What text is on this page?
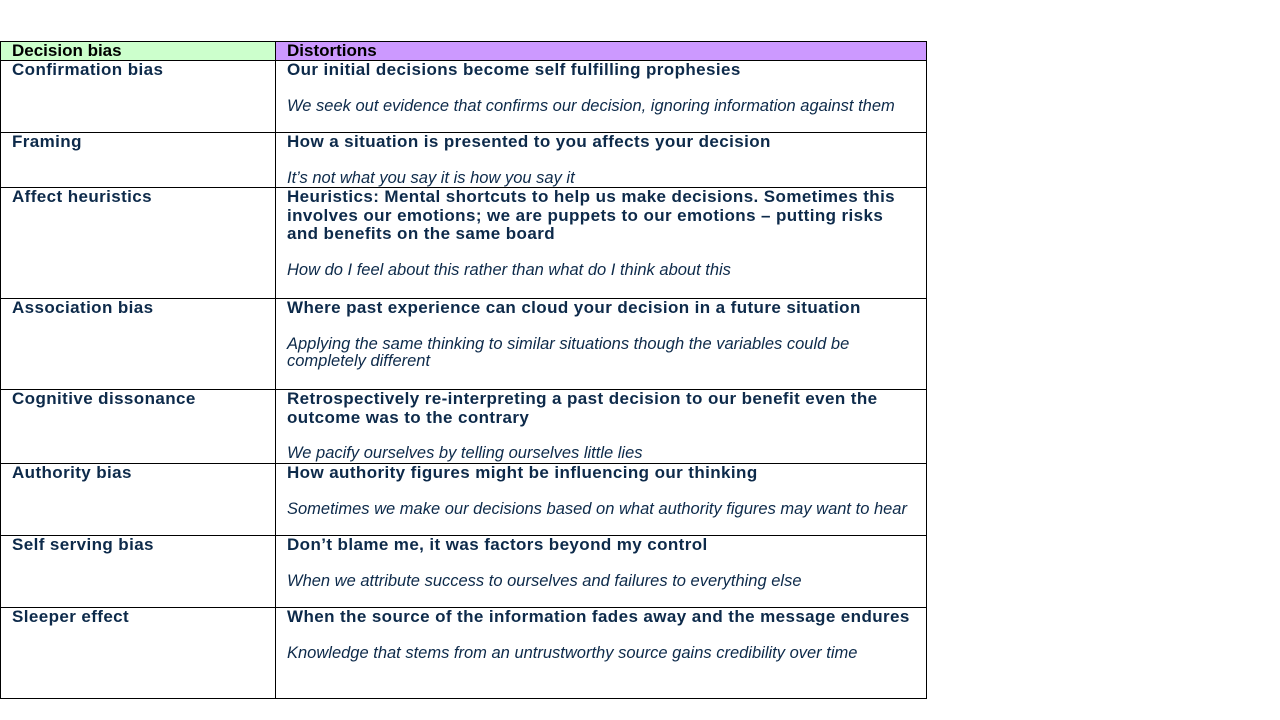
Decision bias	Distortions
Confirmation bias	Our initial decisions become self fulfilling prophesies

We seek out evidence that confirms our decision, ignoring information against them

Framing	How a situation is presented to you affects your decision

It’s not what you say it is how you say it

Affect heuristics	Heuristics: Mental shortcuts to help us make decisions. Sometimes this involves our emotions; we are puppets to our emotions – putting risks and benefits on the same board

How do I feel about this rather than what do I think about this

Association bias	Where past experience can cloud your decision in a future situation

Applying the same thinking to similar situations though the variables could be completely different

Cognitive dissonance	Retrospectively re-interpreting a past decision to our benefit even the outcome was to the contrary

We pacify ourselves by telling ourselves little lies

Authority bias	How authority figures might be influencing our thinking

Sometimes we make our decisions based on what authority figures may want to hear

Self serving bias	Don’t blame me, it was factors beyond my control

When we attribute success to ourselves and failures to everything else

Sleeper effect	When the source of the information fades away and the message endures

Knowledge that stems from an untrustworthy source gains credibility over time
